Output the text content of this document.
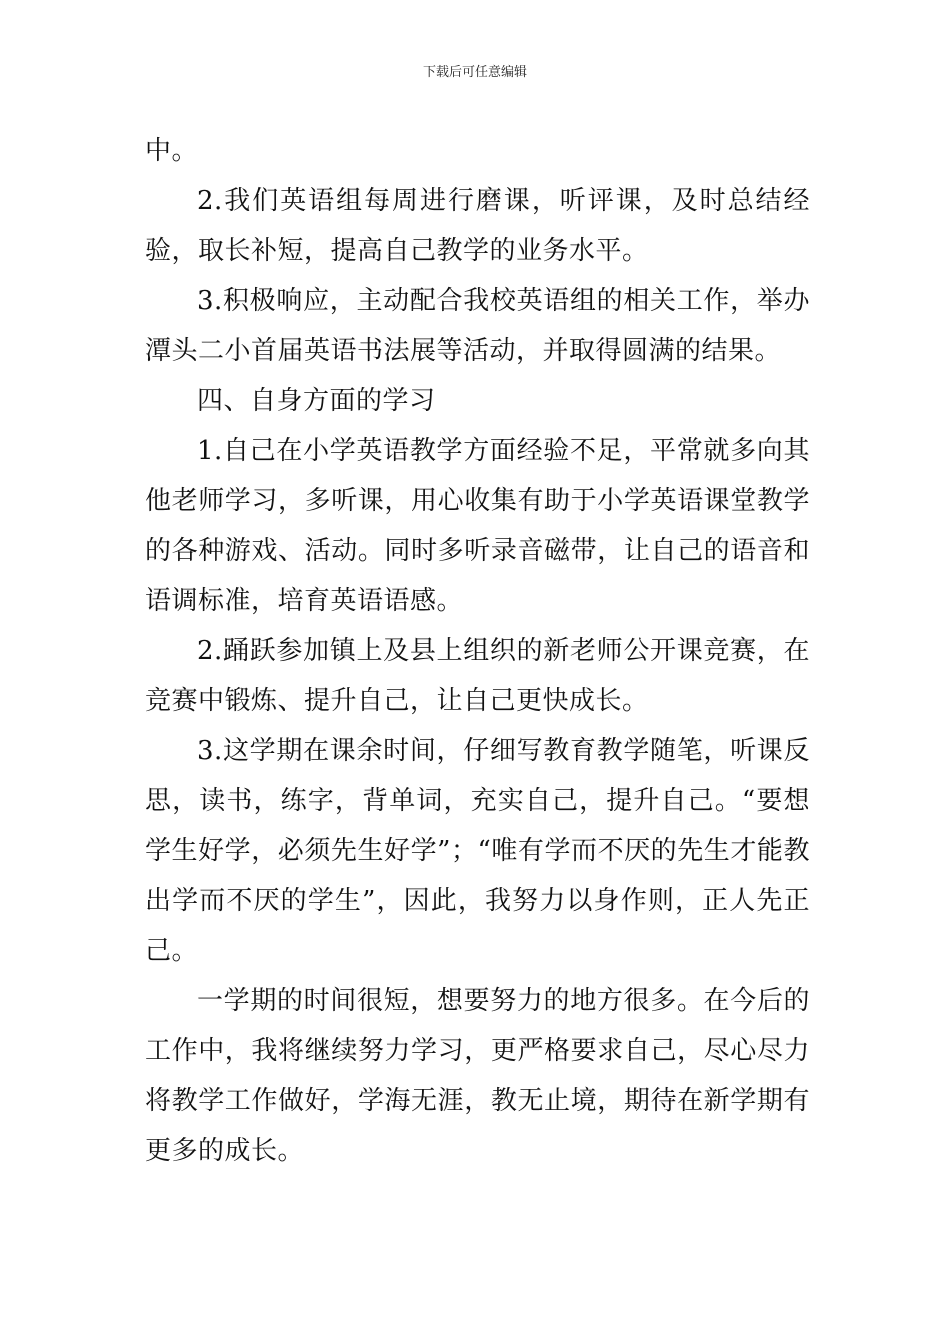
下载后可任意编辑

中。

2.我们英语组每周进行磨课，听评课，及时总结经验，取长补短，提高自己教学的业务水平。

3.积极响应，主动配合我校英语组的相关工作，举办潭头二小首届英语书法展等活动，并取得圆满的结果。

四、自身方面的学习

1.自己在小学英语教学方面经验不足，平常就多向其他老师学习，多听课，用心收集有助于小学英语课堂教学的各种游戏、活动。同时多听录音磁带，让自己的语音和语调标准，培育英语语感。

2.踊跃参加镇上及县上组织的新老师公开课竞赛，在竞赛中锻炼、提升自己，让自己更快成长。

3.这学期在课余时间，仔细写教育教学随笔，听课反思，读书，练字，背单词，充实自己，提升自己。“要想学生好学，必须先生好学”；“唯有学而不厌的先生才能教出学而不厌的学生”，因此，我努力以身作则，正人先正己。

一学期的时间很短，想要努力的地方很多。在今后的工作中，我将继续努力学习，更严格要求自己，尽心尽力将教学工作做好，学海无涯，教无止境，期待在新学期有更多的成长。
